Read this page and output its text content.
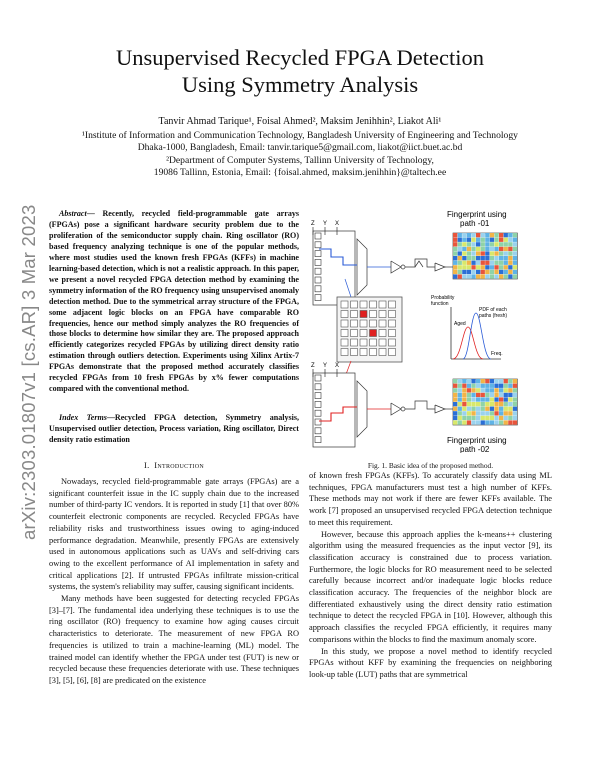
Unsupervised Recycled FPGA Detection
Using Symmetry Analysis
Tanvir Ahmad Tarique¹, Foisal Ahmed², Maksim Jenihhin², Liakot Ali¹
¹Institute of Information and Communication Technology, Bangladesh University of Engineering and Technology
Dhaka-1000, Bangladesh, Email: tanvir.tarique5@gmail.com, liakot@iict.buet.ac.bd
²Department of Computer Systems, Tallinn University of Technology,
19086 Tallinn, Estonia, Email: {foisal.ahmed, maksim.jenihhin}@taltech.ee
arXiv:2303.01807v1 [cs.AR] 3 Mar 2023	Abstract— Recently, recycled field-programmable gate arrays (FPGAs) pose a significant hardware security problem due to the proliferation of the semiconductor supply chain. Ring oscillator (RO) based frequency analyzing technique is one of the popular methods, where most studies used the known fresh FPGAs (KFFs) in machine learning-based detection, which is not a realistic approach. In this paper, we present a novel recycled FPGA detection method by examining the symmetry information of the RO frequency using unsupervised anomaly detection method. Due to the symmetrical array structure of the FPGA, some adjacent logic blocks on an FPGA have comparable RO frequencies, hence our method simply analyzes the RO frequencies of those blocks to determine how similar they are. The proposed approach efficiently categorizes recycled FPGAs by utilizing direct density ratio estimation through outliers detection. Experiments using Xilinx Artix-7 FPGAs demonstrate that the proposed method accurately classifies recycled FPGAs from 10 fresh FPGAs by x% fewer computations compared with the conventional method.
Index Terms—Recycled FPGA detection, Symmetry analysis, Unsupervised outlier detection, Process variation, Ring oscillator, Direct density ratio estimation
I. Introduction
Nowadays, recycled field-programmable gate arrays (FPGAs) are a significant counterfeit issue in the IC supply chain due to the increased number of third-party IC vendors. It is reported in study [1] that over 80% counterfeit electronic components are recycled. Recycled FPGAs have reliability risks and trustworthiness issues owing to aging-induced performance degradation. Meanwhile, presently FPGAs are extensively used in autonomous applications such as UAVs and self-driving cars owing to the excellent performance of AI implementation in safety and critical applications [2]. If untrusted FPGAs infiltrate mission-critical systems, the system's reliability may suffer, causing significant incidents.
Many methods have been suggested for detecting recycled FPGAs [3]–[7]. The fundamental idea underlying these techniques is to use the ring oscillator (RO) frequency to examine how aging causes circuit characteristics to deteriorate. The measurement of new FPGA RO frequencies is utilized to train a machine-learning (ML) model. The trained model can identify whether the FPGA under test (FUT) is new or recycled because these frequencies deteriorate with use. These techniques [3], [5], [6], [8] are predicated on the existence
Z Y X
Fingerprint using
path -01
Probability
function
Aged
PDF of each
paths (fresh)
Freq.
Z Y X
Fingerprint using
path -02
Fig. 1. Basic idea of the proposed method.
of known fresh FPGAs (KFFs). To accurately classify data using ML techniques, FPGA manufacturers must test a high number of KFFs. These methods may not work if there are fewer KFFs available. The work [7] proposed an unsupervised recycled FPGA detection technique to meet this requirement.
However, because this approach applies the k-means++ clustering algorithm using the measured frequencies as the input vector [9], its classification accuracy is constrained due to process variation. Furthermore, the logic blocks for RO measurement need to be selected carefully because incorrect and/or inadequate logic blocks reduce classification accuracy. The frequencies of the neighbor block are differentiated exhaustively using the direct density ratio estimation technique to detect the recycled FPGA in [10]. However, although this approach classifies the recycled FPGA efficiently, it requires many comparisons within the blocks to find the maximum anomaly score.
In this study, we propose a novel method to identify recycled FPGAs without KFF by examining the frequencies on neighboring look-up table (LUT) paths that are symmetrical
